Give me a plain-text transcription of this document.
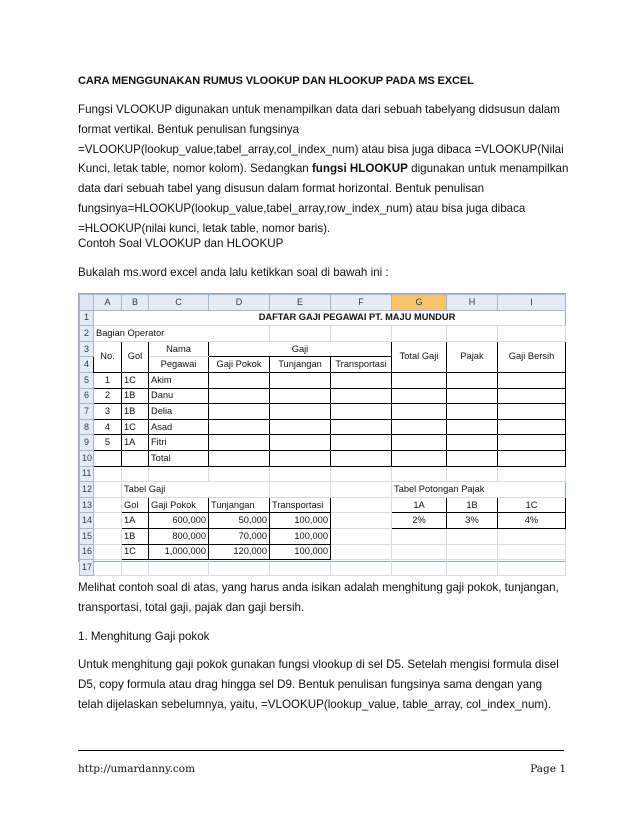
CARA MENGGUNAKAN RUMUS VLOOKUP DAN HLOOKUP PADA MS EXCEL
Fungsi VLOOKUP digunakan untuk menampilkan data dari sebuah tabelyang didsusun dalam format vertikal. Bentuk penulisan fungsinya =VLOOKUP(lookup_value,tabel_array,col_index_num) atau bisa juga dibaca =VLOOKUP(Nilai Kunci, letak table, nomor kolom). Sedangkan fungsi HLOOKUP digunakan untuk menampilkan data dari sebuah tabel yang disusun dalam format horizontal. Bentuk penulisan fungsinya=HLOOKUP(lookup_value,tabel_array,row_index_num) atau bisa juga dibaca =HLOOKUP(nilai kunci, letak table, nomor baris).
Contoh Soal VLOOKUP dan HLOOKUP
Bukalah ms.word excel anda lalu ketikkan soal di bawah ini :
	A	B	C	D	E	F	G	H	I
1			DAFTAR GAJI PEGAWAI PT. MAJU MUNDUR						
2	Bagian Operator								
3	No.	Gol	Nama	Gaji			Total Gaji	Pajak	Gaji Bersih
4			Pegawai	Gaji Pokok	Tunjangan	Transportasi			
5	1	1C	Akim						
6	2	1B	Danu						
7	3	1B	Delia						
8	4	1C	Asad						
9	5	1A	Fitri						
10			Total						
11									
12		Tabel Gaji					Tabel Potongan Pajak		
13		Gol	Gaji Pokok	Tunjangan	Transportasi		1A	1B	1C
14		1A	600,000	50,000	100,000		2%	3%	4%
15		1B	800,000	70,000	100,000				
16		1C	1,000,000	120,000	100,000				
17									
Melihat contoh soal di atas, yang harus anda isikan adalah menghitung gaji pokok, tunjangan, transportasi, total gaji, pajak dan gaji bersih.
1. Menghitung Gaji pokok
Untuk menghitung gaji pokok gunakan fungsi vlookup di sel D5. Setelah mengisi formula disel D5, copy formula atau drag hingga sel D9. Bentuk penulisan fungsinya sama dengan yang telah dijelaskan sebelumnya, yaitu, =VLOOKUP(lookup_value, table_array, col_index_num).
http://umardanny.com	Page 1
